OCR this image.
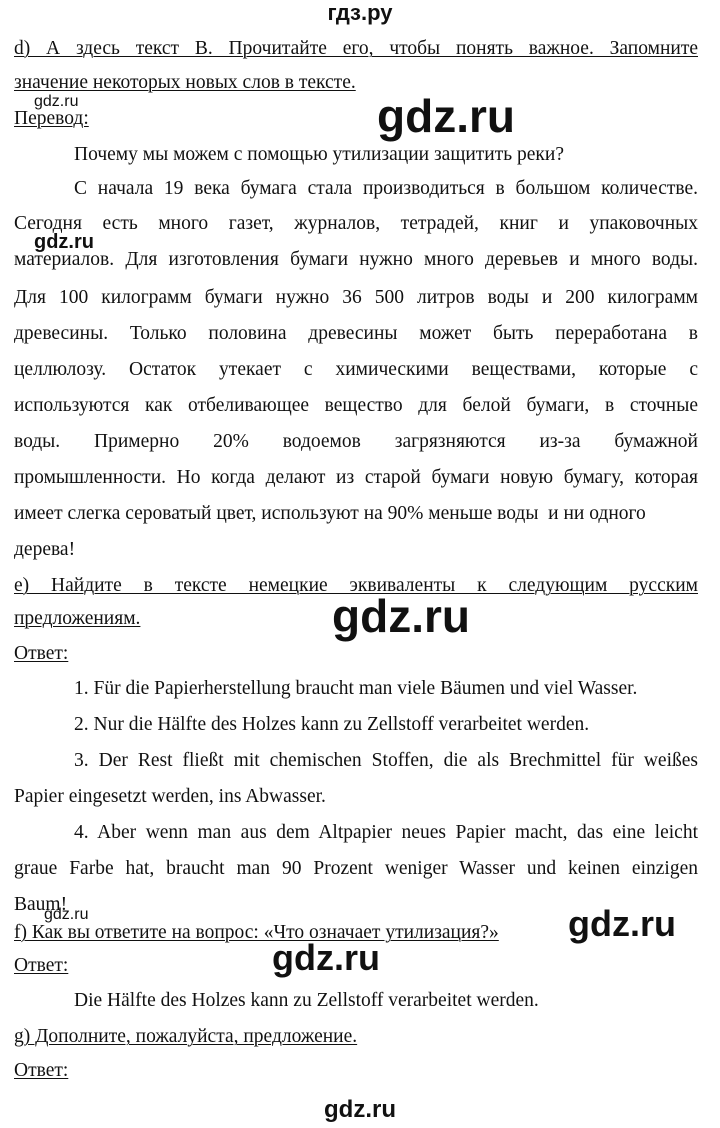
гдз.ру
d) А здесь текст B. Прочитайте его, чтобы понять важное. Запомните
значение некоторых новых слов в тексте.
gdz.ru	gdz.ru
Перевод:
Почему мы можем с помощью утилизации защитить реки?
С начала 19 века бумага стала производиться в большом количестве.
Сегодня есть много газет, журналов, тетрадей, книг и упаковочных
gdz.ru
материалов. Для изготовления бумаги нужно много деревьев и много воды.
Для 100 килограмм бумаги нужно 36 500 литров воды и 200 килограмм
древесины. Только половина древесины может быть переработана в
целлюлозу. Остаток утекает с химическими веществами, которые с
используются как отбеливающее вещество для белой бумаги, в сточные
воды. Примерно 20% водоемов загрязняются из-за бумажной
промышленности. Но когда делают из старой бумаги новую бумагу, которая
имеет слегка сероватый цвет, используют на 90% меньше воды  и ни одного
дерева!
e) Найдите в тексте немецкие эквиваленты к следующим русским
предложениям.	gdz.ru
Ответ:
1. Für die Papierherstellung braucht man viele Bäumen und viel Wasser.
2. Nur die Hälfte des Holzes kann zu Zellstoff verarbeitet werden.
3. Der Rest fließt mit chemischen Stoffen, die als Brechmittel für weißes
Papier eingesetzt werden, ins Abwasser.
4. Aber wenn man aus dem Altpapier neues Papier macht, das eine leicht
graue Farbe hat, braucht man 90 Prozent weniger Wasser und keinen einzigen
Baum!
gdz.ru
f) Как вы ответите на вопрос: «Что означает утилизация?»	gdz.ru
gdz.ru
Ответ:
Die Hälfte des Holzes kann zu Zellstoff verarbeitet werden.
g) Дополните, пожалуйста, предложение.
Ответ:
gdz.ru
